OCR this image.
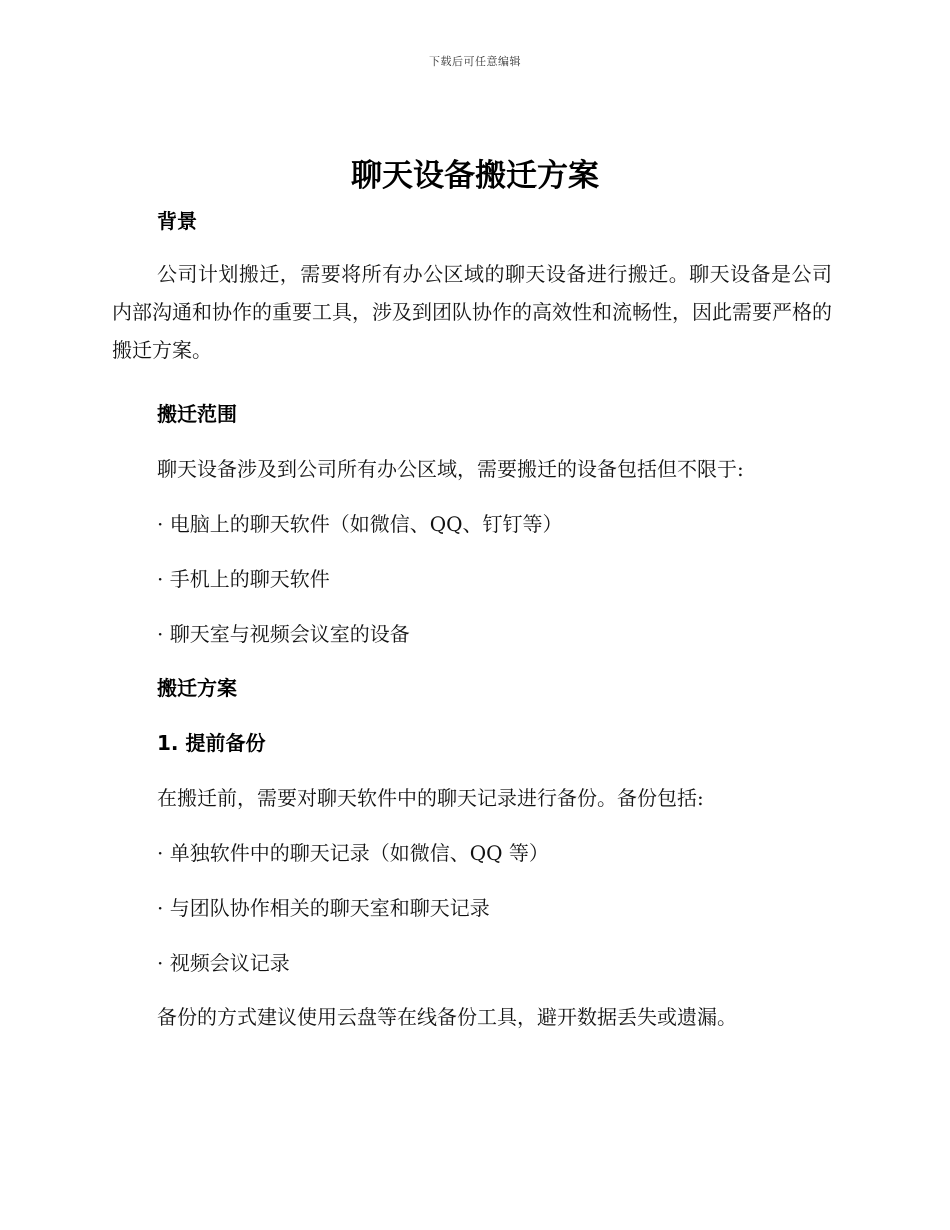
下载后可任意编辑
聊天设备搬迁方案
背景
公司计划搬迁，需要将所有办公区域的聊天设备进行搬迁。聊天设备是公司内部沟通和协作的重要工具，涉及到团队协作的高效性和流畅性，因此需要严格的搬迁方案。
搬迁范围
聊天设备涉及到公司所有办公区域，需要搬迁的设备包括但不限于:
· 电脑上的聊天软件（如微信、QQ、钉钉等）
· 手机上的聊天软件
· 聊天室与视频会议室的设备
搬迁方案
1. 提前备份
在搬迁前，需要对聊天软件中的聊天记录进行备份。备份包括:
· 单独软件中的聊天记录（如微信、QQ 等）
· 与团队协作相关的聊天室和聊天记录
· 视频会议记录
备份的方式建议使用云盘等在线备份工具，避开数据丢失或遗漏。
